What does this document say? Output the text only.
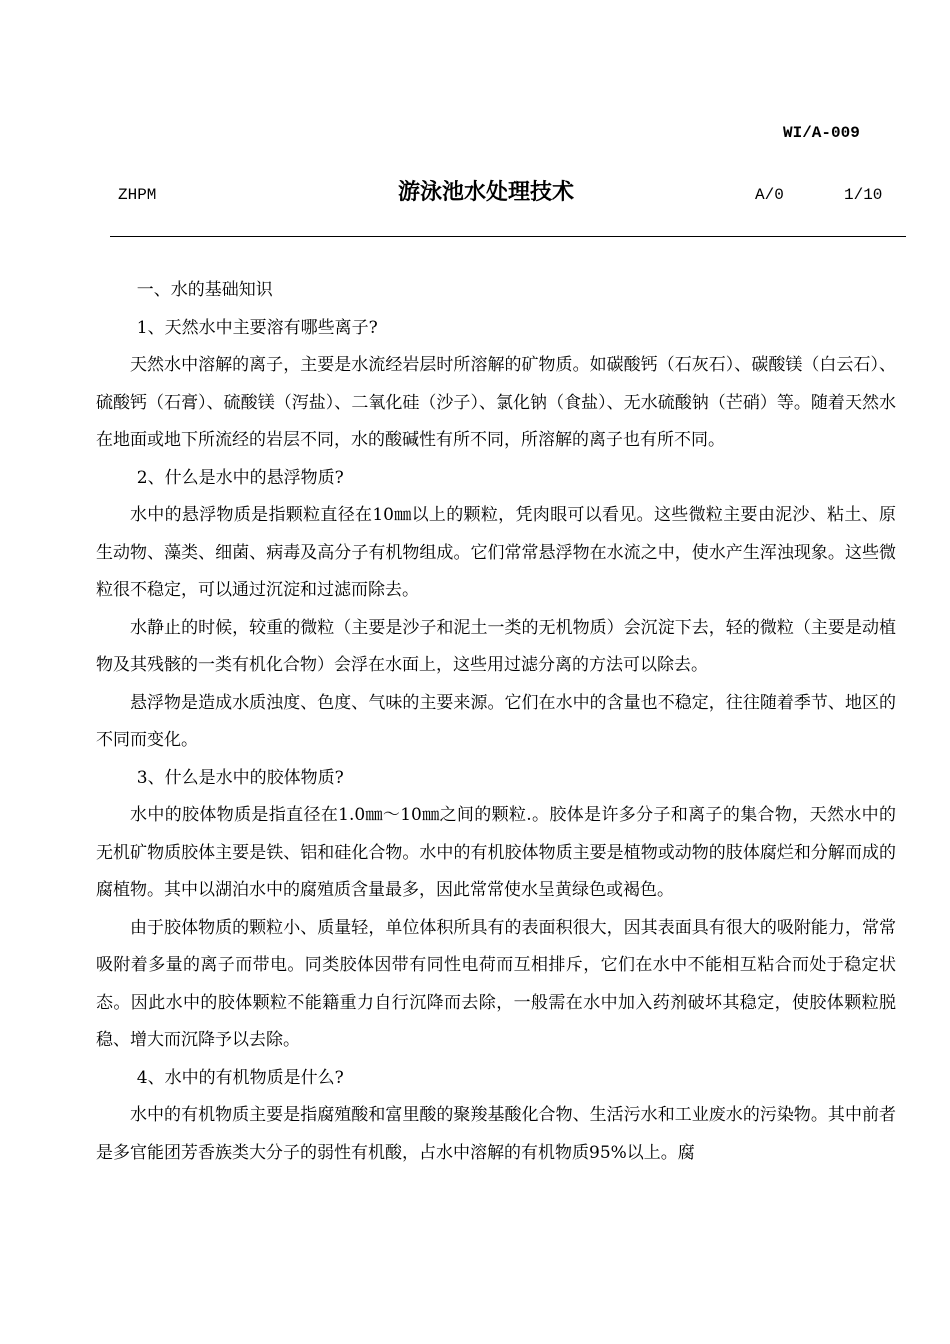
WI/A-009
ZHPM	游泳池水处理技术	A/0	1/10

一、水的基础知识

1、天然水中主要溶有哪些离子?

天然水中溶解的离子，主要是水流经岩层时所溶解的矿物质。如碳酸钙（石灰石）、碳酸镁（白云石）、硫酸钙（石膏）、硫酸镁（泻盐）、二氧化硅（沙子）、氯化钠（食盐）、无水硫酸钠（芒硝）等。随着天然水在地面或地下所流经的岩层不同，水的酸碱性有所不同，所溶解的离子也有所不同。

2、什么是水中的悬浮物质?

水中的悬浮物质是指颗粒直径在10㎜以上的颗粒，凭肉眼可以看见。这些微粒主要由泥沙、粘土、原生动物、藻类、细菌、病毒及高分子有机物组成。它们常常悬浮物在水流之中，使水产生浑浊现象。这些微粒很不稳定，可以通过沉淀和过滤而除去。

水静止的时候，较重的微粒（主要是沙子和泥土一类的无机物质）会沉淀下去，轻的微粒（主要是动植物及其残骸的一类有机化合物）会浮在水面上，这些用过滤分离的方法可以除去。

悬浮物是造成水质浊度、色度、气味的主要来源。它们在水中的含量也不稳定，往往随着季节、地区的不同而变化。

3、什么是水中的胶体物质?

水中的胶体物质是指直径在1.0㎜～10㎜之间的颗粒.。胶体是许多分子和离子的集合物，天然水中的无机矿物质胶体主要是铁、铝和硅化合物。水中的有机胶体物质主要是植物或动物的肢体腐烂和分解而成的腐植物。其中以湖泊水中的腐殖质含量最多，因此常常使水呈黄绿色或褐色。

由于胶体物质的颗粒小、质量轻，单位体积所具有的表面积很大，因其表面具有很大的吸附能力，常常吸附着多量的离子而带电。同类胶体因带有同性电荷而互相排斥，它们在水中不能相互粘合而处于稳定状态。因此水中的胶体颗粒不能籍重力自行沉降而去除，一般需在水中加入药剂破坏其稳定，使胶体颗粒脱稳、增大而沉降予以去除。

4、水中的有机物质是什么?

水中的有机物质主要是指腐殖酸和富里酸的聚羧基酸化合物、生活污水和工业废水的污染物。其中前者是多官能团芳香族类大分子的弱性有机酸，占水中溶解的有机物质95%以上。腐
